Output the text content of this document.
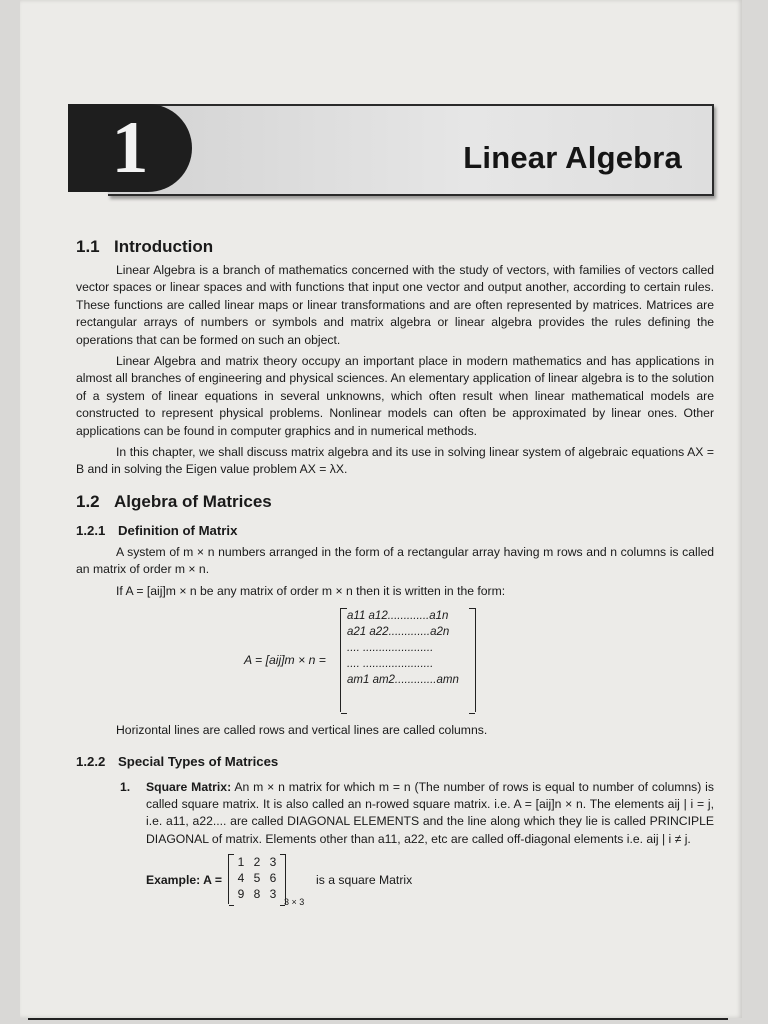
Linear Algebra
1
1.1 Introduction

Linear Algebra is a branch of mathematics concerned with the study of vectors, with families of vectors called vector spaces or linear spaces and with functions that input one vector and output another, according to certain rules. These functions are called linear maps or linear transformations and are often represented by matrices. Matrices are rectangular arrays of numbers or symbols and matrix algebra or linear algebra provides the rules defining the operations that can be formed on such an object.

Linear Algebra and matrix theory occupy an important place in modern mathematics and has applications in almost all branches of engineering and physical sciences. An elementary application of linear algebra is to the solution of a system of linear equations in several unknowns, which often result when linear mathematical models are constructed to represent physical problems. Nonlinear models can often be approximated by linear ones. Other applications can be found in computer graphics and in numerical methods.

In this chapter, we shall discuss matrix algebra and its use in solving linear system of algebraic equations AX = B and in solving the Eigen value problem AX = λX.

1.2 Algebra of Matrices
1.2.1 Definition of Matrix

A system of m × n numbers arranged in the form of a rectangular array having m rows and n columns is called an matrix of order m × n.

If A = [aij]m × n be any matrix of order m × n then it is written in the form:

A = [aij]m × n =
a11 a12.............a1n
a21 a22.............a2n
.... ......................
.... ......................
am1 am2.............amn

Horizontal lines are called rows and vertical lines are called columns.

1.2.2 Special Types of Matrices
1. Square Matrix: An m × n matrix for which m = n (The number of rows is equal to number of columns) is called square matrix. It is also called an n-rowed square matrix. i.e. A = [aij]n × n. The elements aij | i = j, i.e. a11, a22.... are called DIAGONAL ELEMENTS and the line along which they lie is called PRINCIPLE DIAGONAL of matrix. Elements other than a11, a22, etc are called off-diagonal elements i.e. aij | i ≠ j.

Example: A =
1 2 3
4 5 6
9 8 3
3 × 3
is a square Matrix
